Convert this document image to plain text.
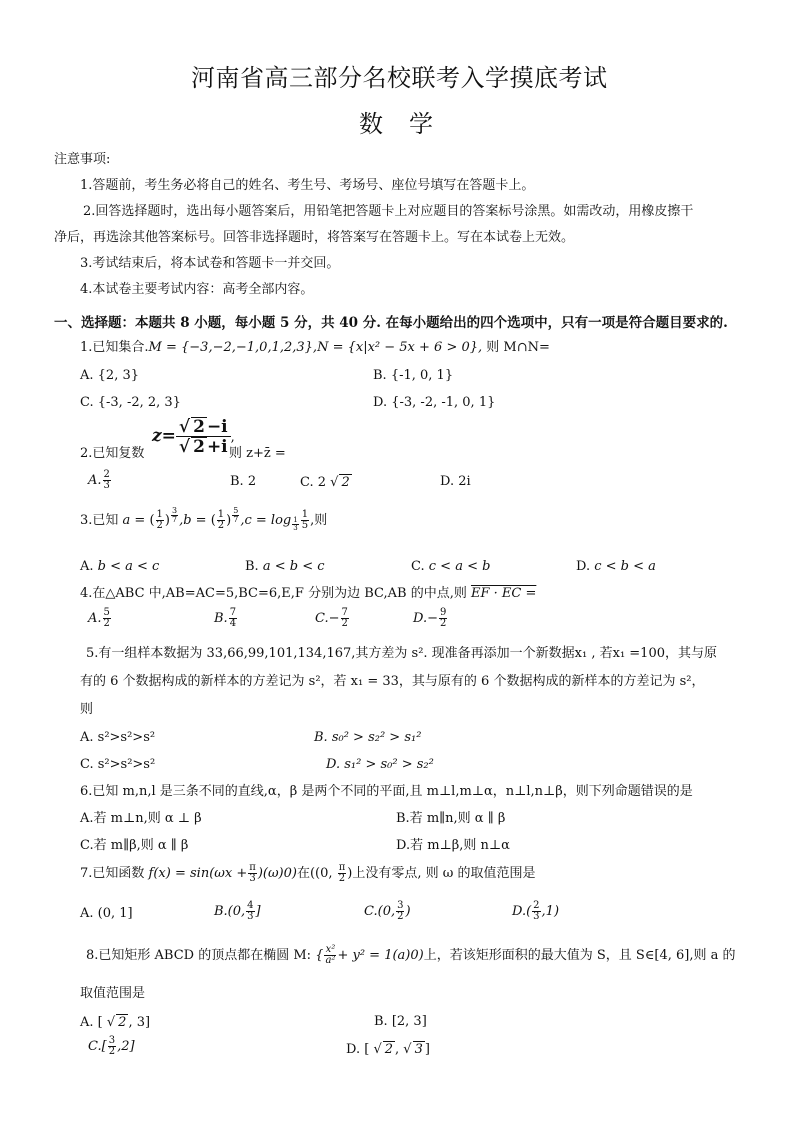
河南省高三部分名校联考入学摸底考试
数学
注意事项:
1.答题前，考生务必将自己的姓名、考生号、考场号、座位号填写在答题卡上。
2.回答选择题时，选出每小题答案后，用铅笔把答题卡上对应题目的答案标号涂黑。如需改动，用橡皮擦干
净后，再选涂其他答案标号。回答非选择题时，将答案写在答题卡上。写在本试卷上无效。
3.考试结束后，将本试卷和答题卡一并交回。
4.本试卷主要考试内容：高考全部内容。
一、选择题：本题共 8 小题，每小题 5 分，共 40 分. 在每小题给出的四个选项中，只有一项是符合题目要求的.
1.已知集合.M = {−3,−2,−1,0,1,2,3},N = {x|x² − 5x + 6 > 0}, 则 M∩N=
A. {2, 3}	B. {-1, 0, 1}
C. {-3, -2, 2, 3}	D. {-3, -2, -1, 0, 1}
2.已知复数
$z= \frac{√ 2 -i}{√ 2 +i}$ ,
则 z+z̄ =
A. $\frac{2}{3}$	B. 2	C. 2 √ 2	D. 2i
3.已知 a = ( $\frac{1}{2}$ ) $^{\frac{3}{7}}$ ,b = ( $\frac{1}{2}$ ) $^{\frac{5}{7}}$ $,c = \log _{\frac{1}{3}} \frac{1}{5}$ ,则
A. b < a < c	B. a < b < c	C. c < a < b	D. c < b < a
4.在△ABC 中,AB=AC=5,BC=6,E,F 分别为边 BC,AB 的中点,则 EF · EC =
A. $\frac{5}{2}$	B. $\frac{7}{4}$	$C.- \frac{7}{2}$	$D.- \frac{9}{2}$
5.有一组样本数据为 33,66,99,101,134,167,其方差为 s². 现准备再添加一个新数据x₁ , 若x₁ =100，其与原
有的 6 个数据构成的新样本的方差记为 s²，若 x₁ = 33，其与原有的 6 个数据构成的新样本的方差记为 s²，
则
A. s²>s²>s²	B. s₀² > s₂² > s₁²
C. s²>s²>s²	D. s₁² > s₀² > s₂²
6.已知 m,n,l 是三条不同的直线,α，β 是两个不同的平面,且 m⊥l,m⊥α，n⊥l,n⊥β，则下列命题错误的是
A.若 m⊥n,则 α ⊥ β	B.若 m∥n,则 α ∥ β
C.若 m∥β,则 α ∥ β	D.若 m⊥β,则 n⊥α
7.已知函数 $f(x) = \sin(\omega x + \frac{\pi}{3} )(\omega)0$)在((0, $\frac{\pi}{2}$ )上没有零点, 则 ω 的取值范围是
A. (0, 1]	B.(0, $\frac{4}{3}$ ]	C.(0, $\frac{3}{2}$ )	$D.( \frac{2}{3} ,1)$
8.已知矩形 ABCD 的顶点都在椭圆 M: { $\frac{\text{x²}}{\text{a²}} + y^2 = 1(a)0$)上，若该矩形面积的最大值为 S，且 S∈[4, 6],则 a 的
取值范围是
A. [ √ 2 , 3]	B. [2, 3]
$C.[ \frac{3}{2} ,2]$	D. [ √ 2 , √ 3 ]
